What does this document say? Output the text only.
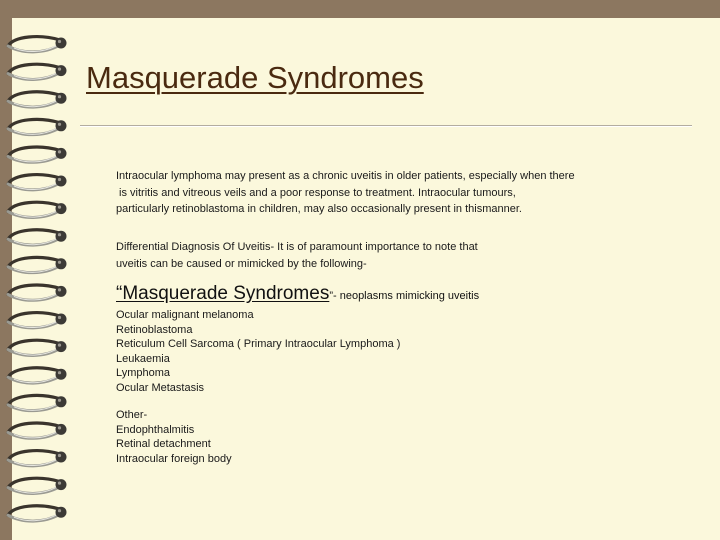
Masquerade Syndromes
Intraocular lymphoma may present as a chronic uveitis in older patients, especially when there
is vitritis and vitreous veils and a poor response to treatment. Intraocular tumours,
particularly retinoblastoma in children, may also occasionally present in thismanner.
Differential Diagnosis Of Uveitis- It is of paramount importance to note that
uveitis can be caused or mimicked by the following-
“Masquerade Syndromes”- neoplasms mimicking uveitis
Ocular malignant melanoma
Retinoblastoma
Reticulum Cell Sarcoma ( Primary Intraocular Lymphoma )
Leukaemia
Lymphoma
Ocular Metastasis
Other-
Endophthalmitis
Retinal detachment
Intraocular foreign body
